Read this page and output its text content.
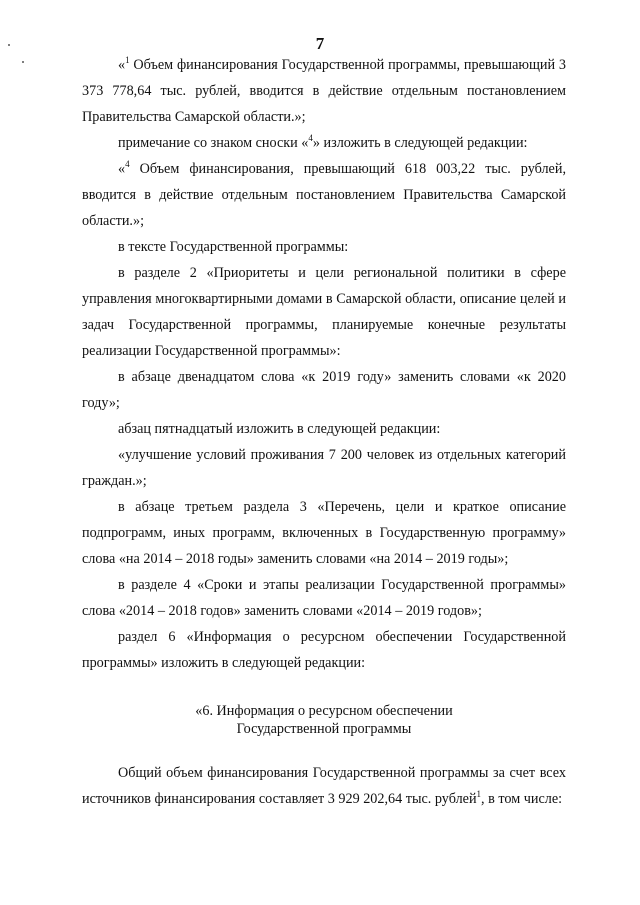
7

«$^1$ Объем финансирования Государственной программы, превышающий 3 373 778,64 тыс. рублей, вводится в действие отдельным постановлением Правительства Самарской области.»;

примечание со знаком сноски «$^4$» изложить в следующей редакции:

«$^4$ Объем финансирования, превышающий 618 003,22 тыс. рублей, вводится в действие отдельным постановлением Правительства Самарской области.»;

в тексте Государственной программы:

в разделе 2 «Приоритеты и цели региональной политики в сфере управления многоквартирными домами в Самарской области, описание целей и задач Государственной программы, планируемые конечные результаты реализации Государственной программы»:

в абзаце двенадцатом слова «к 2019 году» заменить словами «к 2020 году»;

абзац пятнадцатый изложить в следующей редакции:

«улучшение условий проживания 7 200 человек из отдельных категорий граждан.»;

в абзаце третьем раздела 3 «Перечень, цели и краткое описание подпрограмм, иных программ, включенных в Государственную программу» слова «на 2014 – 2018 годы» заменить словами «на 2014 – 2019 годы»;

в разделе 4 «Сроки и этапы реализации Государственной программы» слова «2014 – 2018 годов» заменить словами «2014 – 2019 годов»;

раздел 6 «Информация о ресурсном обеспечении Государственной программы» изложить в следующей редакции:

«6. Информация о ресурсном обеспечении
Государственной программы

Общий объем финансирования Государственной программы за счет всех источников финансирования составляет 3 929 202,64 тыс. рублей$^1$, в том числе:
